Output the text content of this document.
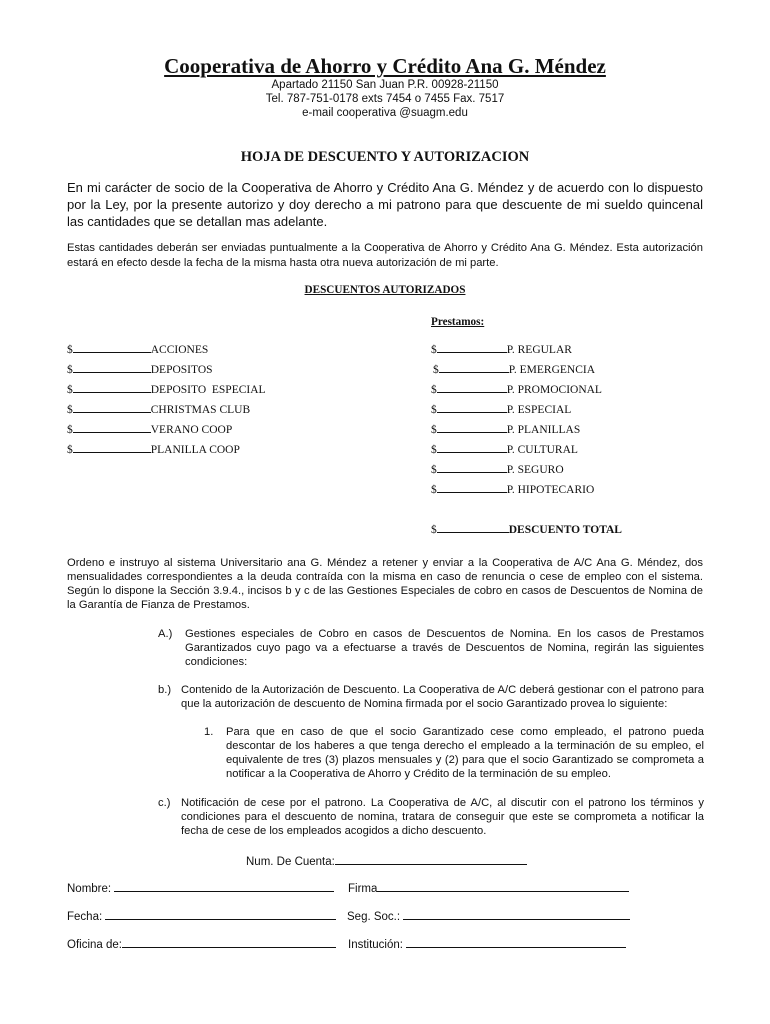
Cooperativa de Ahorro y Crédito Ana G. Méndez
Apartado 21150 San Juan P.R. 00928-21150
Tel. 787-751-0178 exts 7454 o 7455 Fax. 7517
e-mail cooperativa @suagm.edu
HOJA DE DESCUENTO Y AUTORIZACION
En mi carácter de socio de la Cooperativa de Ahorro y Crédito Ana G. Méndez y de acuerdo con lo dispuesto por la Ley, por la presente autorizo y doy derecho a mi patrono para que descuente de mi sueldo quincenal las cantidades que se detallan mas adelante.
Estas cantidades deberán ser enviadas puntualmente a la Cooperativa de Ahorro y Crédito Ana G. Méndez. Esta autorización estará en efecto desde la fecha de la misma hasta otra nueva autorización de mi parte.
DESCUENTOS AUTORIZADOS
Prestamos:
$	ACCIONES
$	DEPOSITOS
$	DEPOSITO  ESPECIAL
$	CHRISTMAS CLUB
$	VERANO COOP
$	PLANILLA COOP
$	P. REGULAR
$	P. EMERGENCIA
$	P. PROMOCIONAL
$	P. ESPECIAL
$	P. PLANILLAS
$	P. CULTURAL
$	P. SEGURO
$	P. HIPOTECARIO
$	DESCUENTO TOTAL
Ordeno e instruyo al sistema Universitario ana G. Méndez a retener y enviar a la Cooperativa de A/C Ana G. Méndez, dos mensualidades correspondientes a la deuda contraída con la misma en caso de renuncia o cese de empleo con el sistema. Según lo dispone la Sección 3.9.4., incisos b y c de las Gestiones Especiales de cobro en casos de Descuentos de Nomina de la Garantía de Fianza de Prestamos.
A.) Gestiones especiales de Cobro en casos de Descuentos de Nomina. En los casos de Prestamos Garantizados cuyo pago va a efectuarse a través de Descuentos de Nomina, regirán las siguientes condiciones:
b.) Contenido de la Autorización de Descuento. La Cooperativa de A/C deberá gestionar con el patrono para que la autorización de descuento de Nomina firmada por el socio Garantizado provea lo siguiente:
1. Para que en caso de que el socio Garantizado cese como empleado, el patrono pueda descontar de los haberes a que tenga derecho el empleado a la terminación de su empleo, el equivalente de tres (3) plazos mensuales y (2) para que el socio Garantizado se comprometa a notificar a la Cooperativa de Ahorro y Crédito de la terminación de su empleo.
c.) Notificación de cese por el patrono. La Cooperativa de A/C, al discutir con el patrono los términos y condiciones para el descuento de nomina, tratara de conseguir que este se comprometa a notificar la fecha de cese de los empleados acogidos a dicho descuento.
Num. De Cuenta:
Nombre:	Firma
Fecha:	Seg. Soc.:
Oficina de:	Institución:
